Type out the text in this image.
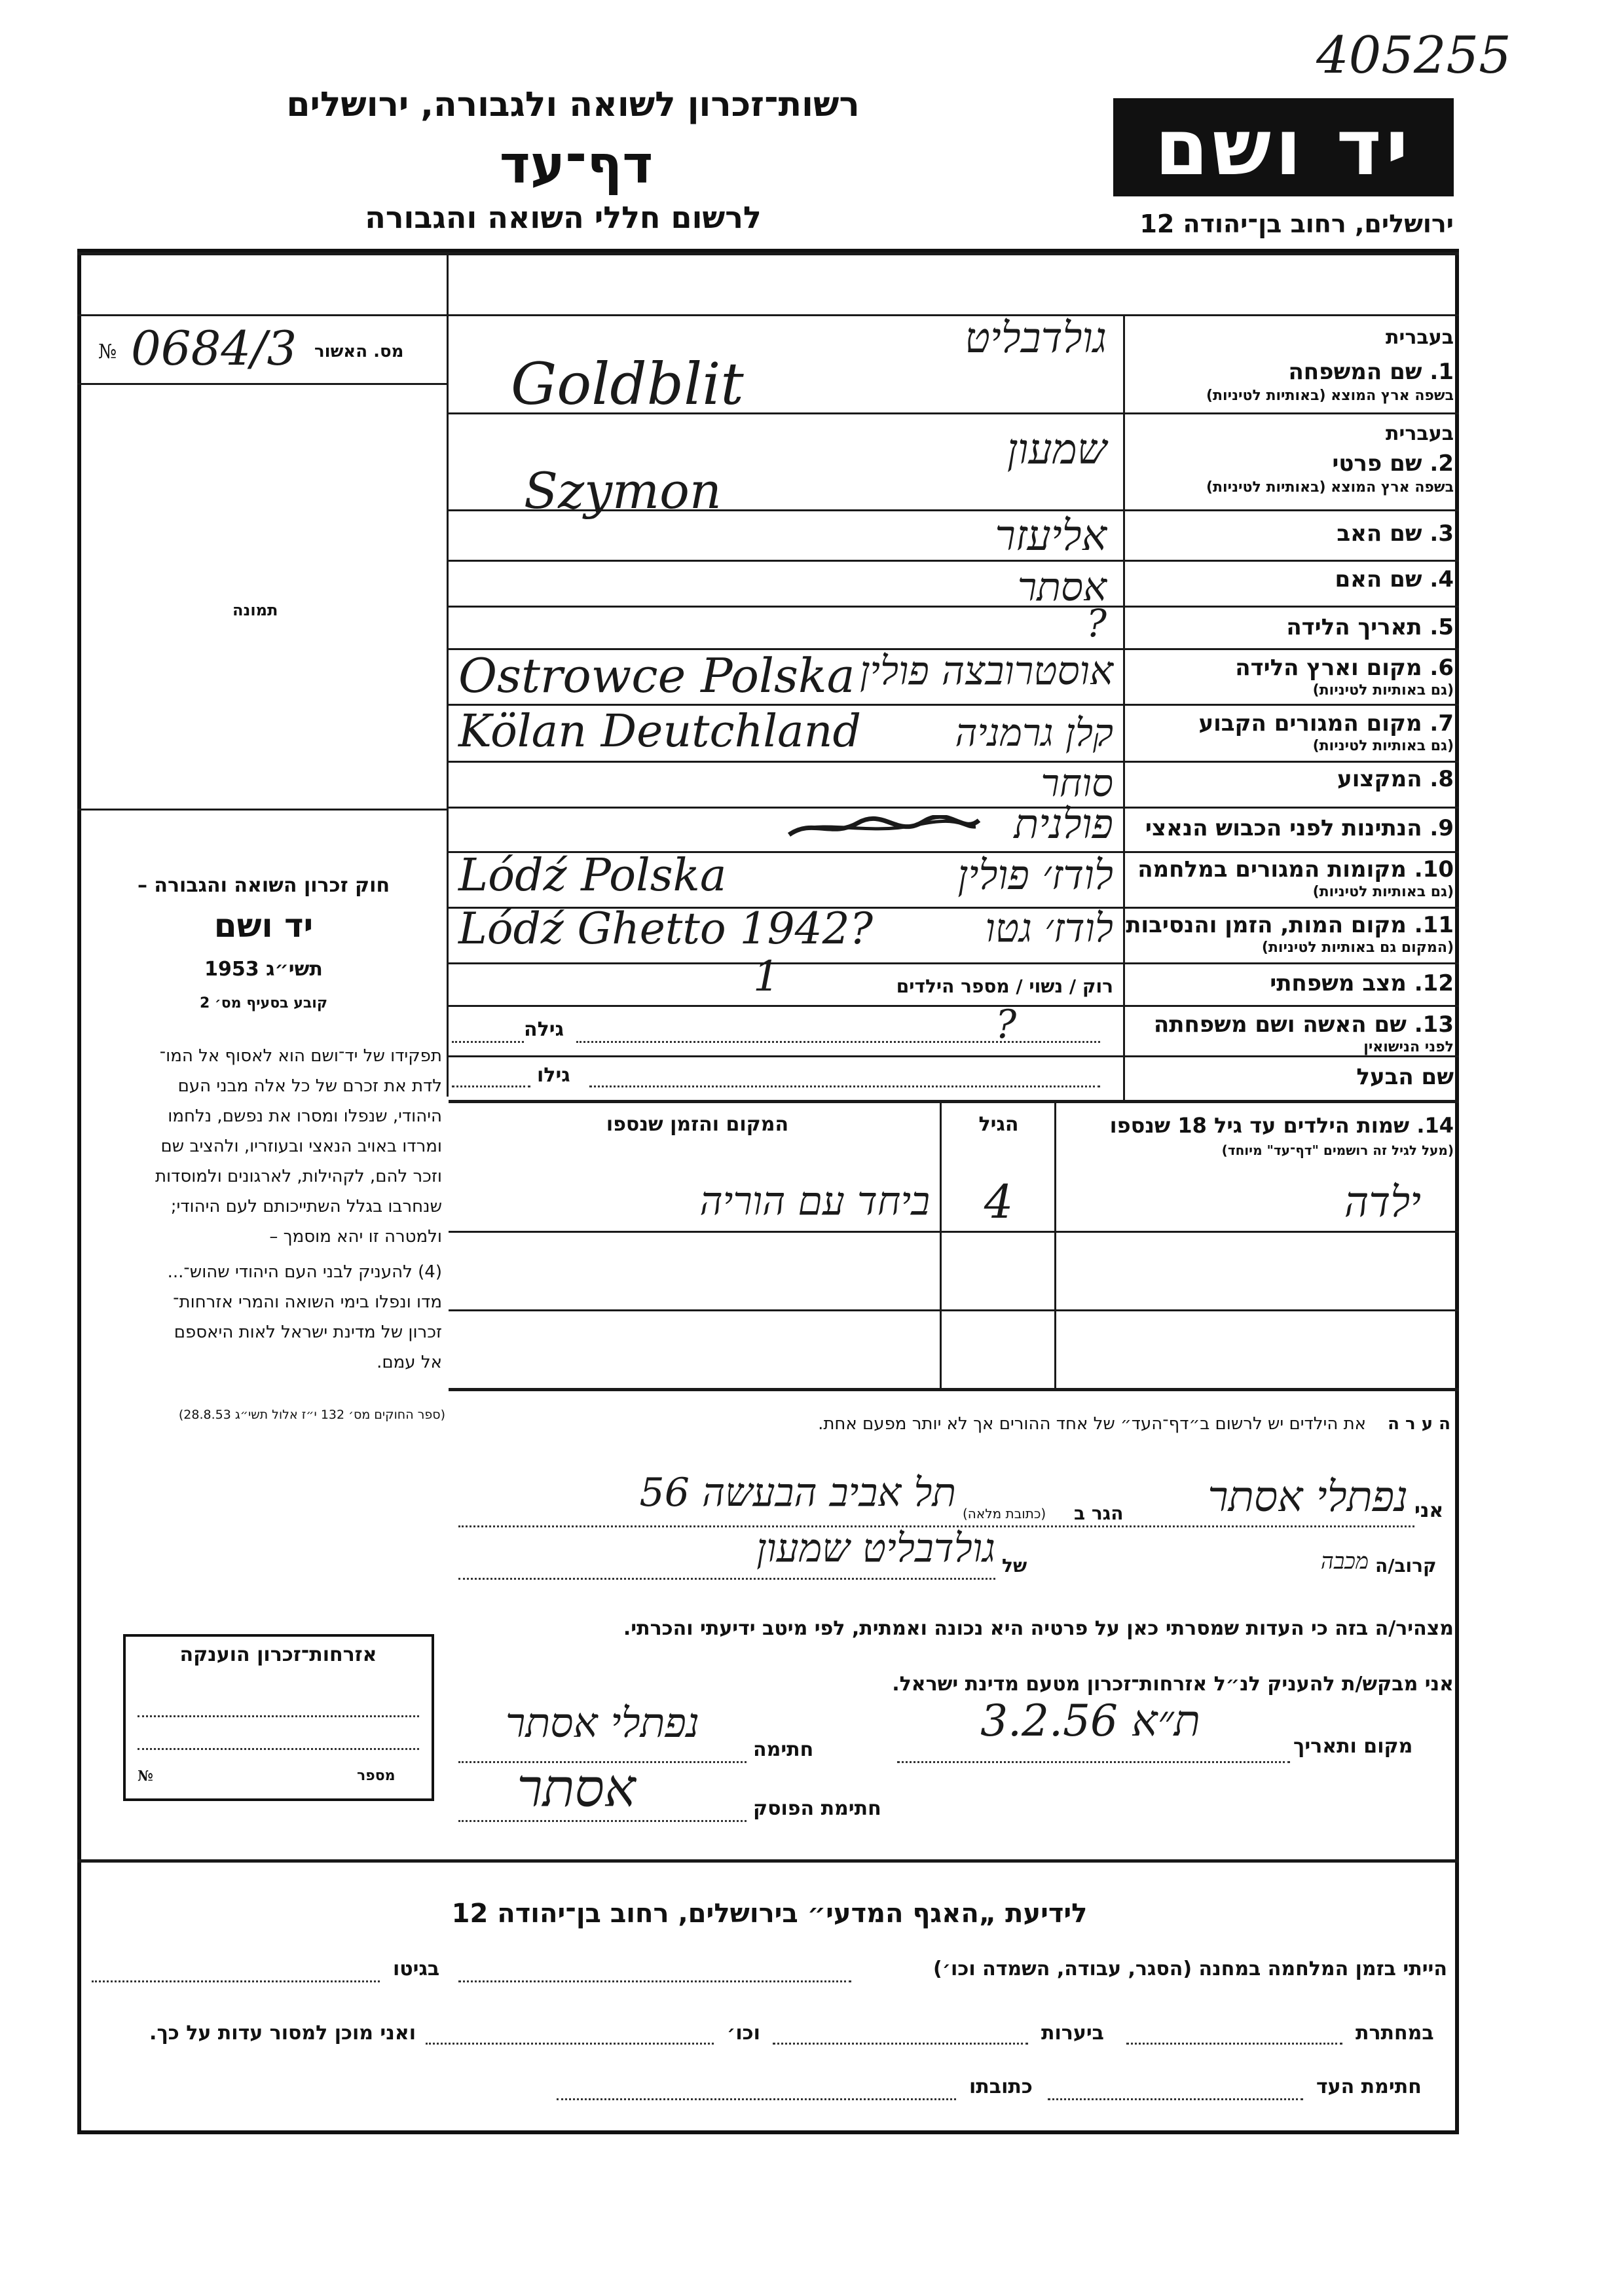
405255
רשות־זכרון לשואה ולגבורה, ירושלים
דף־עד
לרשום חללי השואה והגבורה
יד ושם
ירושלים, רחוב בן־יהודה 12
מס. האשור
№ 0684/3
תמונה
בעברית
1. שם המשפחה
בשפה ארץ המוצא (באותיות לטיניות)
בעברית
2. שם פרטי
בשפה ארץ המוצא (באותיות לטיניות)
3. שם האב
4. שם האם
5. תאריך הלידה
6. מקום וארץ הלידה
(גם באותיות לטיניות)
7. מקום המגורים הקבוע
(גם באותיות לטיניות)
8. המקצוע
9. הנתינות לפני הכבוש הנאצי
10. מקומות המגורים במלחמה
(גם באותיות לטיניות)
11. מקום המות, הזמן והנסיבות
(המקום גם באותיות לטיניות)
12. מצב משפחתי
רוק / נשוי / מספר הילדים
1
13. שם האשה ושם משפחתה
לפני הנישואין
גילה	?
שם הבעל
גילו
גולדבליט
Goldblit
שמעון
Szymon
אליעזר
אסתר
?
אוסטרובצה פולין
Ostrowce Polska
קלן גרמניה
Kölan Deutchland
סוחר
פולנית
לודז׳ פולין
Lódź Polska
לודז׳ גטו
Lódź Ghetto 1942?
חוק זכרון השואה והגבורה –
יד ושם
תשי״ג 1953
קובע בסעיף מס׳ 2
תפקידו של יד־ושם הוא לאסוף אל המו־
לדת את זכרם של כל אלה מבני העם
היהודי, שנפלו ומסרו את נפשם, נלחמו
ומרדו באויב הנאצי ובעוזריו, ולהציב שם
וזכר להם, לקהילות, לארגונים ולמוסדות
שנחרבו בגלל השתייכותם לעם היהודי;
ולמטרה זו יהא מוסמך –
(4) להעניק לבני העם היהודי שהוש־...
מדו ונפלו בימי השואה והמרי אזרחות־
זכרון של מדינת ישראל לאות היאספם
אל עמם.
(ספר החוקים מס׳ 132 י״ז אלול תשי״ג 28.8.53)
14. שמות הילדים עד גיל 18 שנספו
(מעל לגיל זה רושמים "דף־עד" מיוחד)
הגיל
המקום והזמן שנספו
ילדה
4
ביחד עם הוריה
אזרחות־זכרון הוענקה
מספר
№
ה ע ר ה    את הילדים יש לרשום ב״דף־העד״ של אחד ההורים אך לא יותר מפעם אחת.
אני
נפתלי אסתר
הגר ב
(כתובת מלאה)
תל אביב הבעשה 56
קרוב/ה
מכבה
של
גולדבליט שמעון
מצהיר/ה בזה כי העדות שמסרתי כאן על פרטיה היא נכונה ואמתית, לפי מיטב ידיעתי והכרתי.
אני מבקש/ת להעניק לנ״ל אזרחות־זכרון מטעם מדינת ישראל.
מקום ותאריך
ת״א 3.2.56
חתימה
נפתלי אסתר
חתימת הפוסק
אסתר
לידיעת „האגף המדעי״ בירושלים, רחוב בן־יהודה 12
הייתי בזמן המלחמה במחנה (הסגר, עבודה, השמדה וכו׳)
בגיטו
במחתרת
ביערות
וכו׳
ואני מוכן למסור עדות על כך.
חתימת העד
כתובתו
